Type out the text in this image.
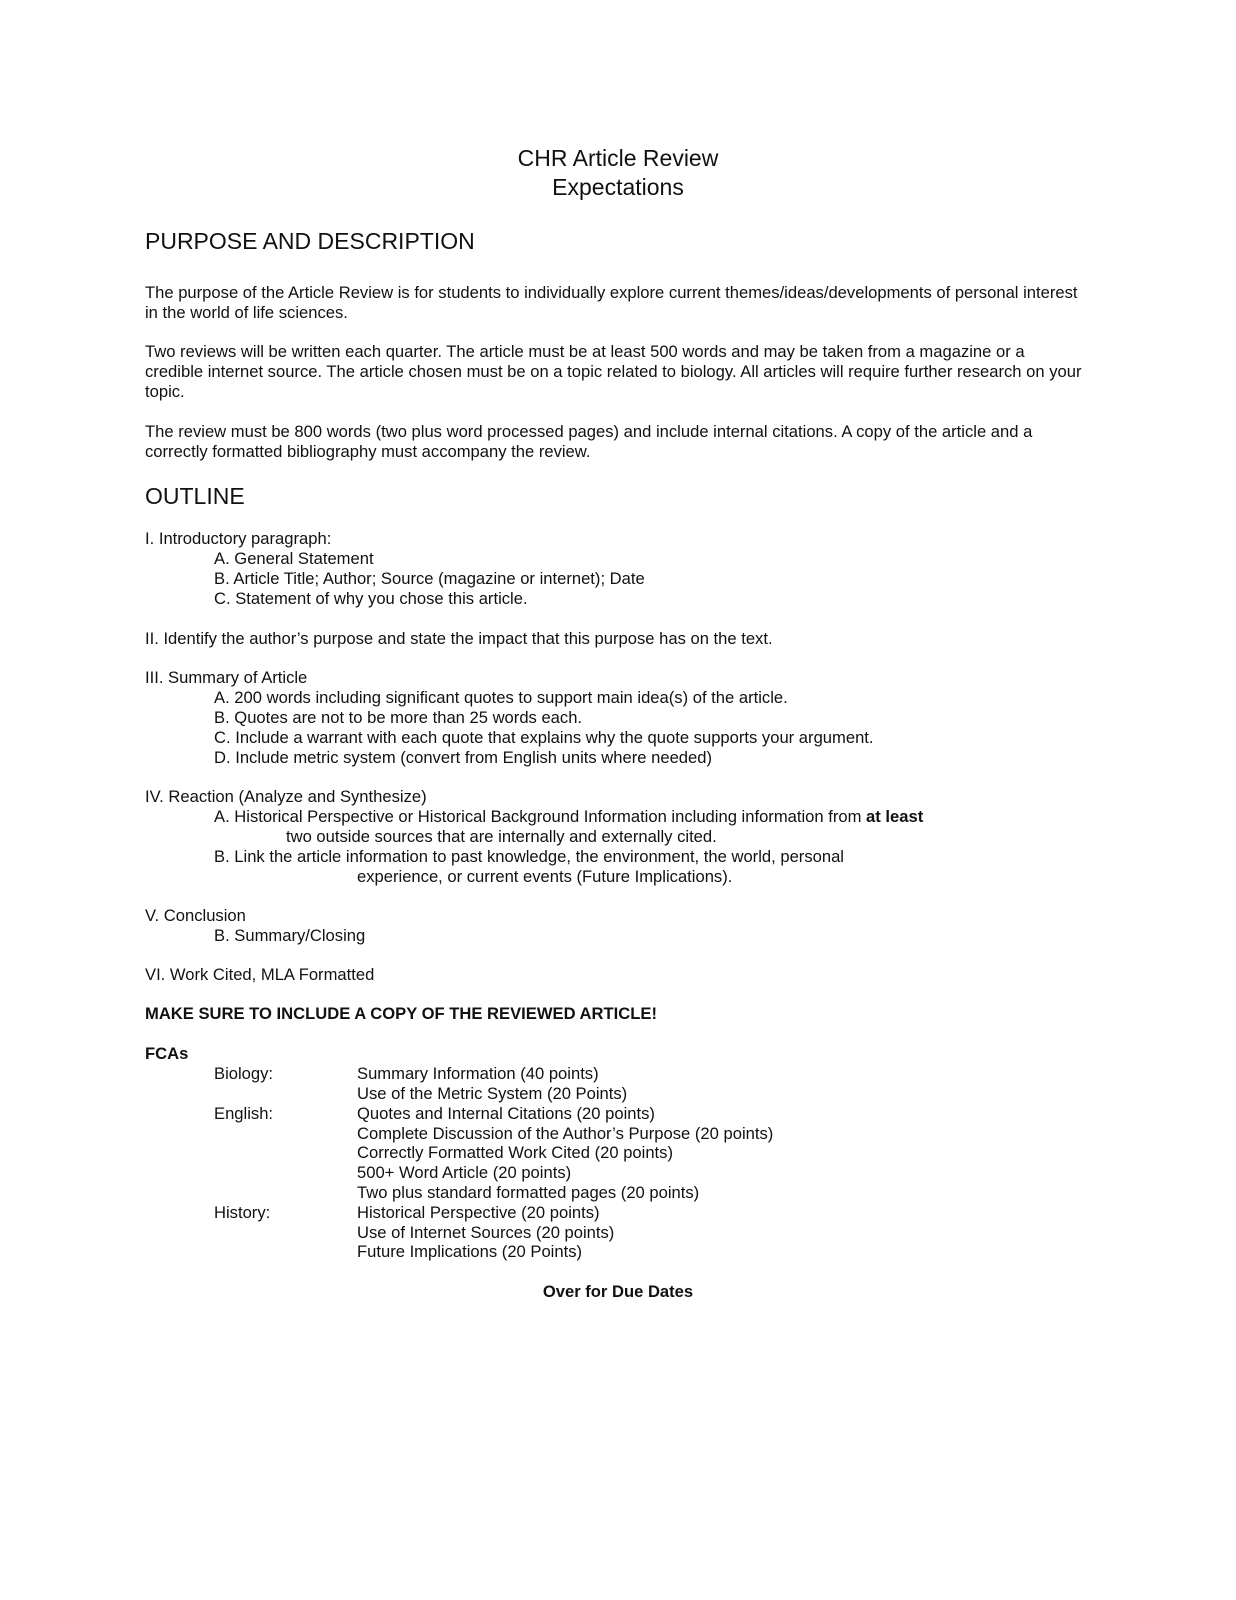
CHR Article Review
Expectations
PURPOSE AND DESCRIPTION
The purpose of the Article Review is for students to individually explore current themes/ideas/developments of personal interest in the world of life sciences.
Two reviews will be written each quarter. The article must be at least 500 words and may be taken from a magazine or a credible internet source. The article chosen must be on a topic related to biology. All articles will require further research on your topic.
The review must be 800 words (two plus word processed pages) and include internal citations. A copy of the article and a correctly formatted bibliography must accompany the review.
OUTLINE
I. Introductory paragraph:
A. General Statement
B. Article Title; Author; Source (magazine or internet); Date
C. Statement of why you chose this article.
II. Identify the author’s purpose and state the impact that this purpose has on the text.
III. Summary of Article
A. 200 words including significant quotes to support main idea(s) of the article.
B. Quotes are not to be more than 25 words each.
C. Include a warrant with each quote that explains why the quote supports your argument.
D. Include metric system (convert from English units where needed)
IV. Reaction (Analyze and Synthesize)
A. Historical Perspective or Historical Background Information including information from at least
two outside sources that are internally and externally cited.
B. Link the article information to past knowledge, the environment, the world, personal
experience, or current events (Future Implications).
V. Conclusion
B. Summary/Closing
VI. Work Cited, MLA Formatted
MAKE SURE TO INCLUDE A COPY OF THE REVIEWED ARTICLE!
FCAs
Biology:	Summary Information (40 points)
Use of the Metric System (20 Points)
English:	Quotes and Internal Citations (20 points)
Complete Discussion of the Author’s Purpose (20 points)
Correctly Formatted Work Cited (20 points)
500+ Word Article (20 points)
Two plus standard formatted pages (20 points)
History:	Historical Perspective (20 points)
Use of Internet Sources (20 points)
Future Implications (20 Points)
Over for Due Dates
